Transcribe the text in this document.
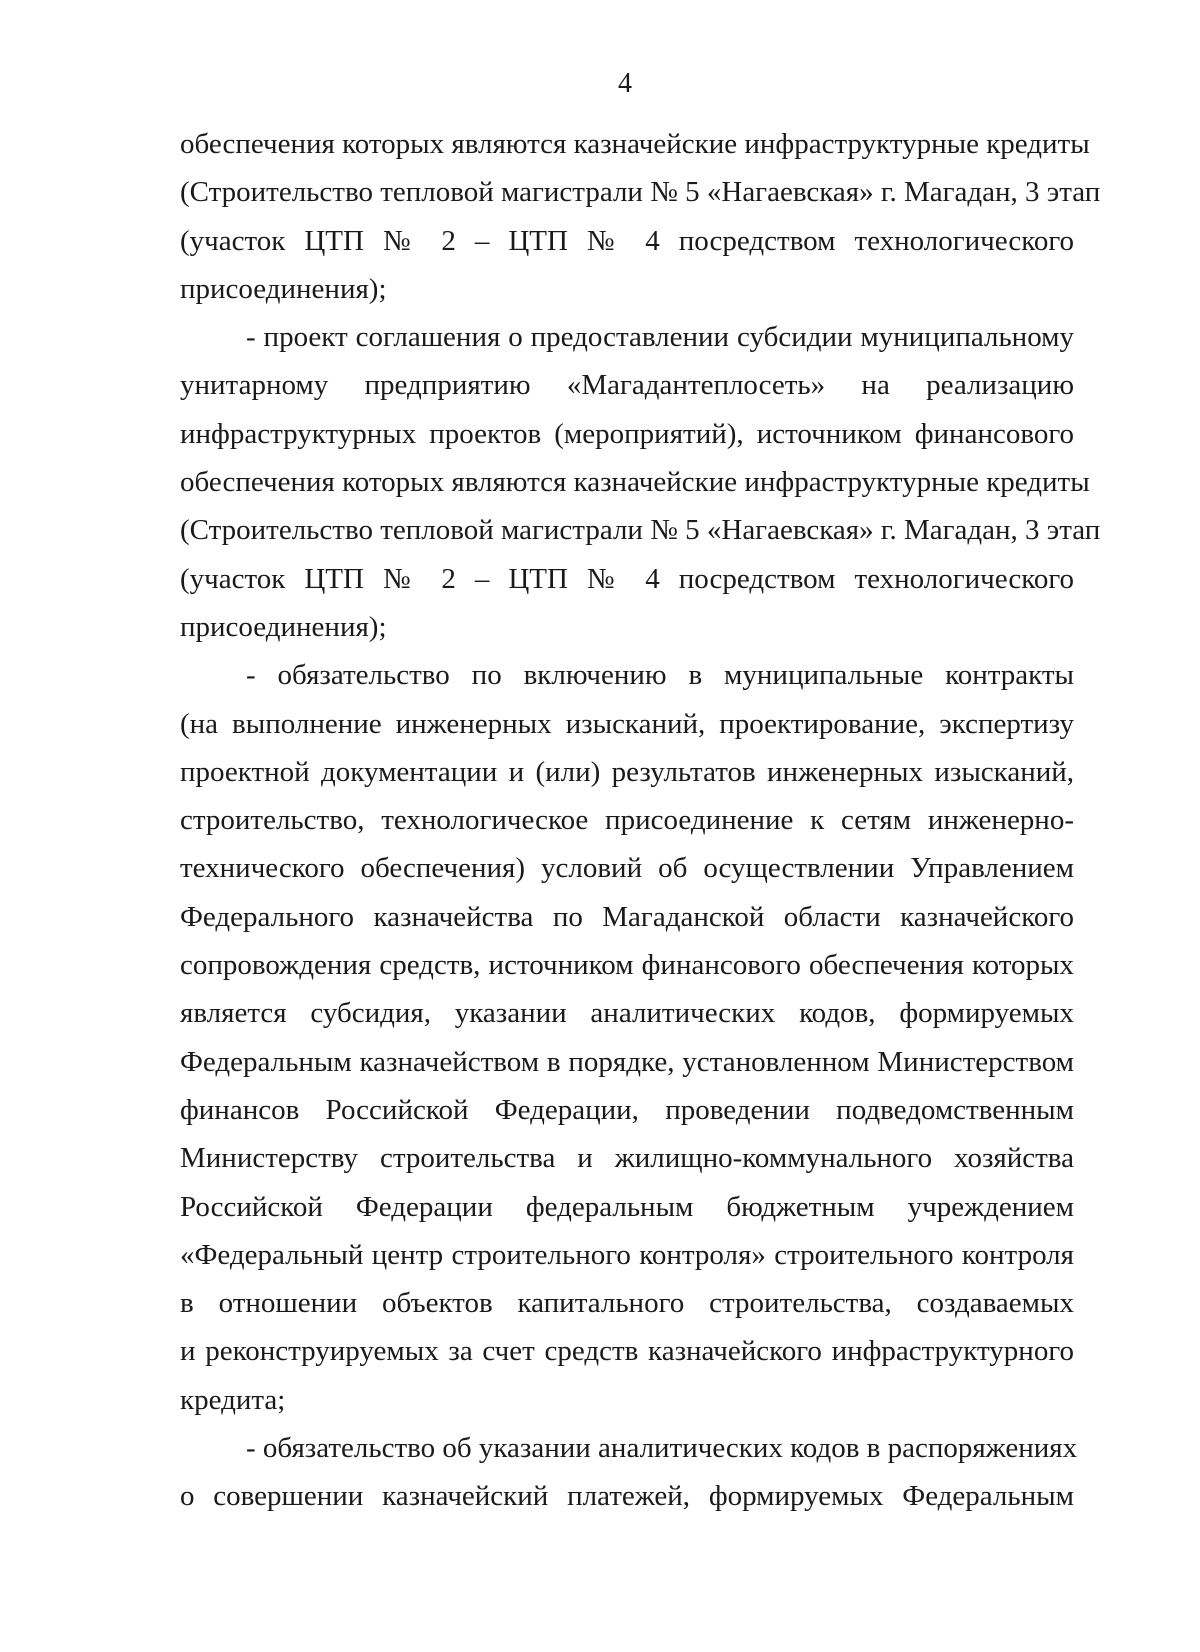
4
обеспечения которых являются казначейские инфраструктурные кредиты
(Строительство тепловой магистрали № 5 «Нагаевская» г. Магадан, 3 этап
(участок ЦТП № 2 – ЦТП № 4 посредством технологического
присоединения);
- проект соглашения о предоставлении субсидии муниципальному
унитарному предприятию «Магадантеплосеть» на реализацию
инфраструктурных проектов (мероприятий), источником финансового
обеспечения которых являются казначейские инфраструктурные кредиты
(Строительство тепловой магистрали № 5 «Нагаевская» г. Магадан, 3 этап
(участок ЦТП № 2 – ЦТП № 4 посредством технологического
присоединения);
- обязательство по включению в муниципальные контракты
(на выполнение инженерных изысканий, проектирование, экспертизу
проектной документации и (или) результатов инженерных изысканий,
строительство, технологическое присоединение к сетям инженерно-
технического обеспечения) условий об осуществлении Управлением
Федерального казначейства по Магаданской области казначейского
сопровождения средств, источником финансового обеспечения которых
является субсидия, указании аналитических кодов, формируемых
Федеральным казначейством в порядке, установленном Министерством
финансов Российской Федерации, проведении подведомственным
Министерству строительства и жилищно-коммунального хозяйства
Российской Федерации федеральным бюджетным учреждением
«Федеральный центр строительного контроля» строительного контроля
в отношении объектов капитального строительства, создаваемых
и реконструируемых за счет средств казначейского инфраструктурного
кредита;
- обязательство об указании аналитических кодов в распоряжениях
о совершении казначейский платежей, формируемых Федеральным
